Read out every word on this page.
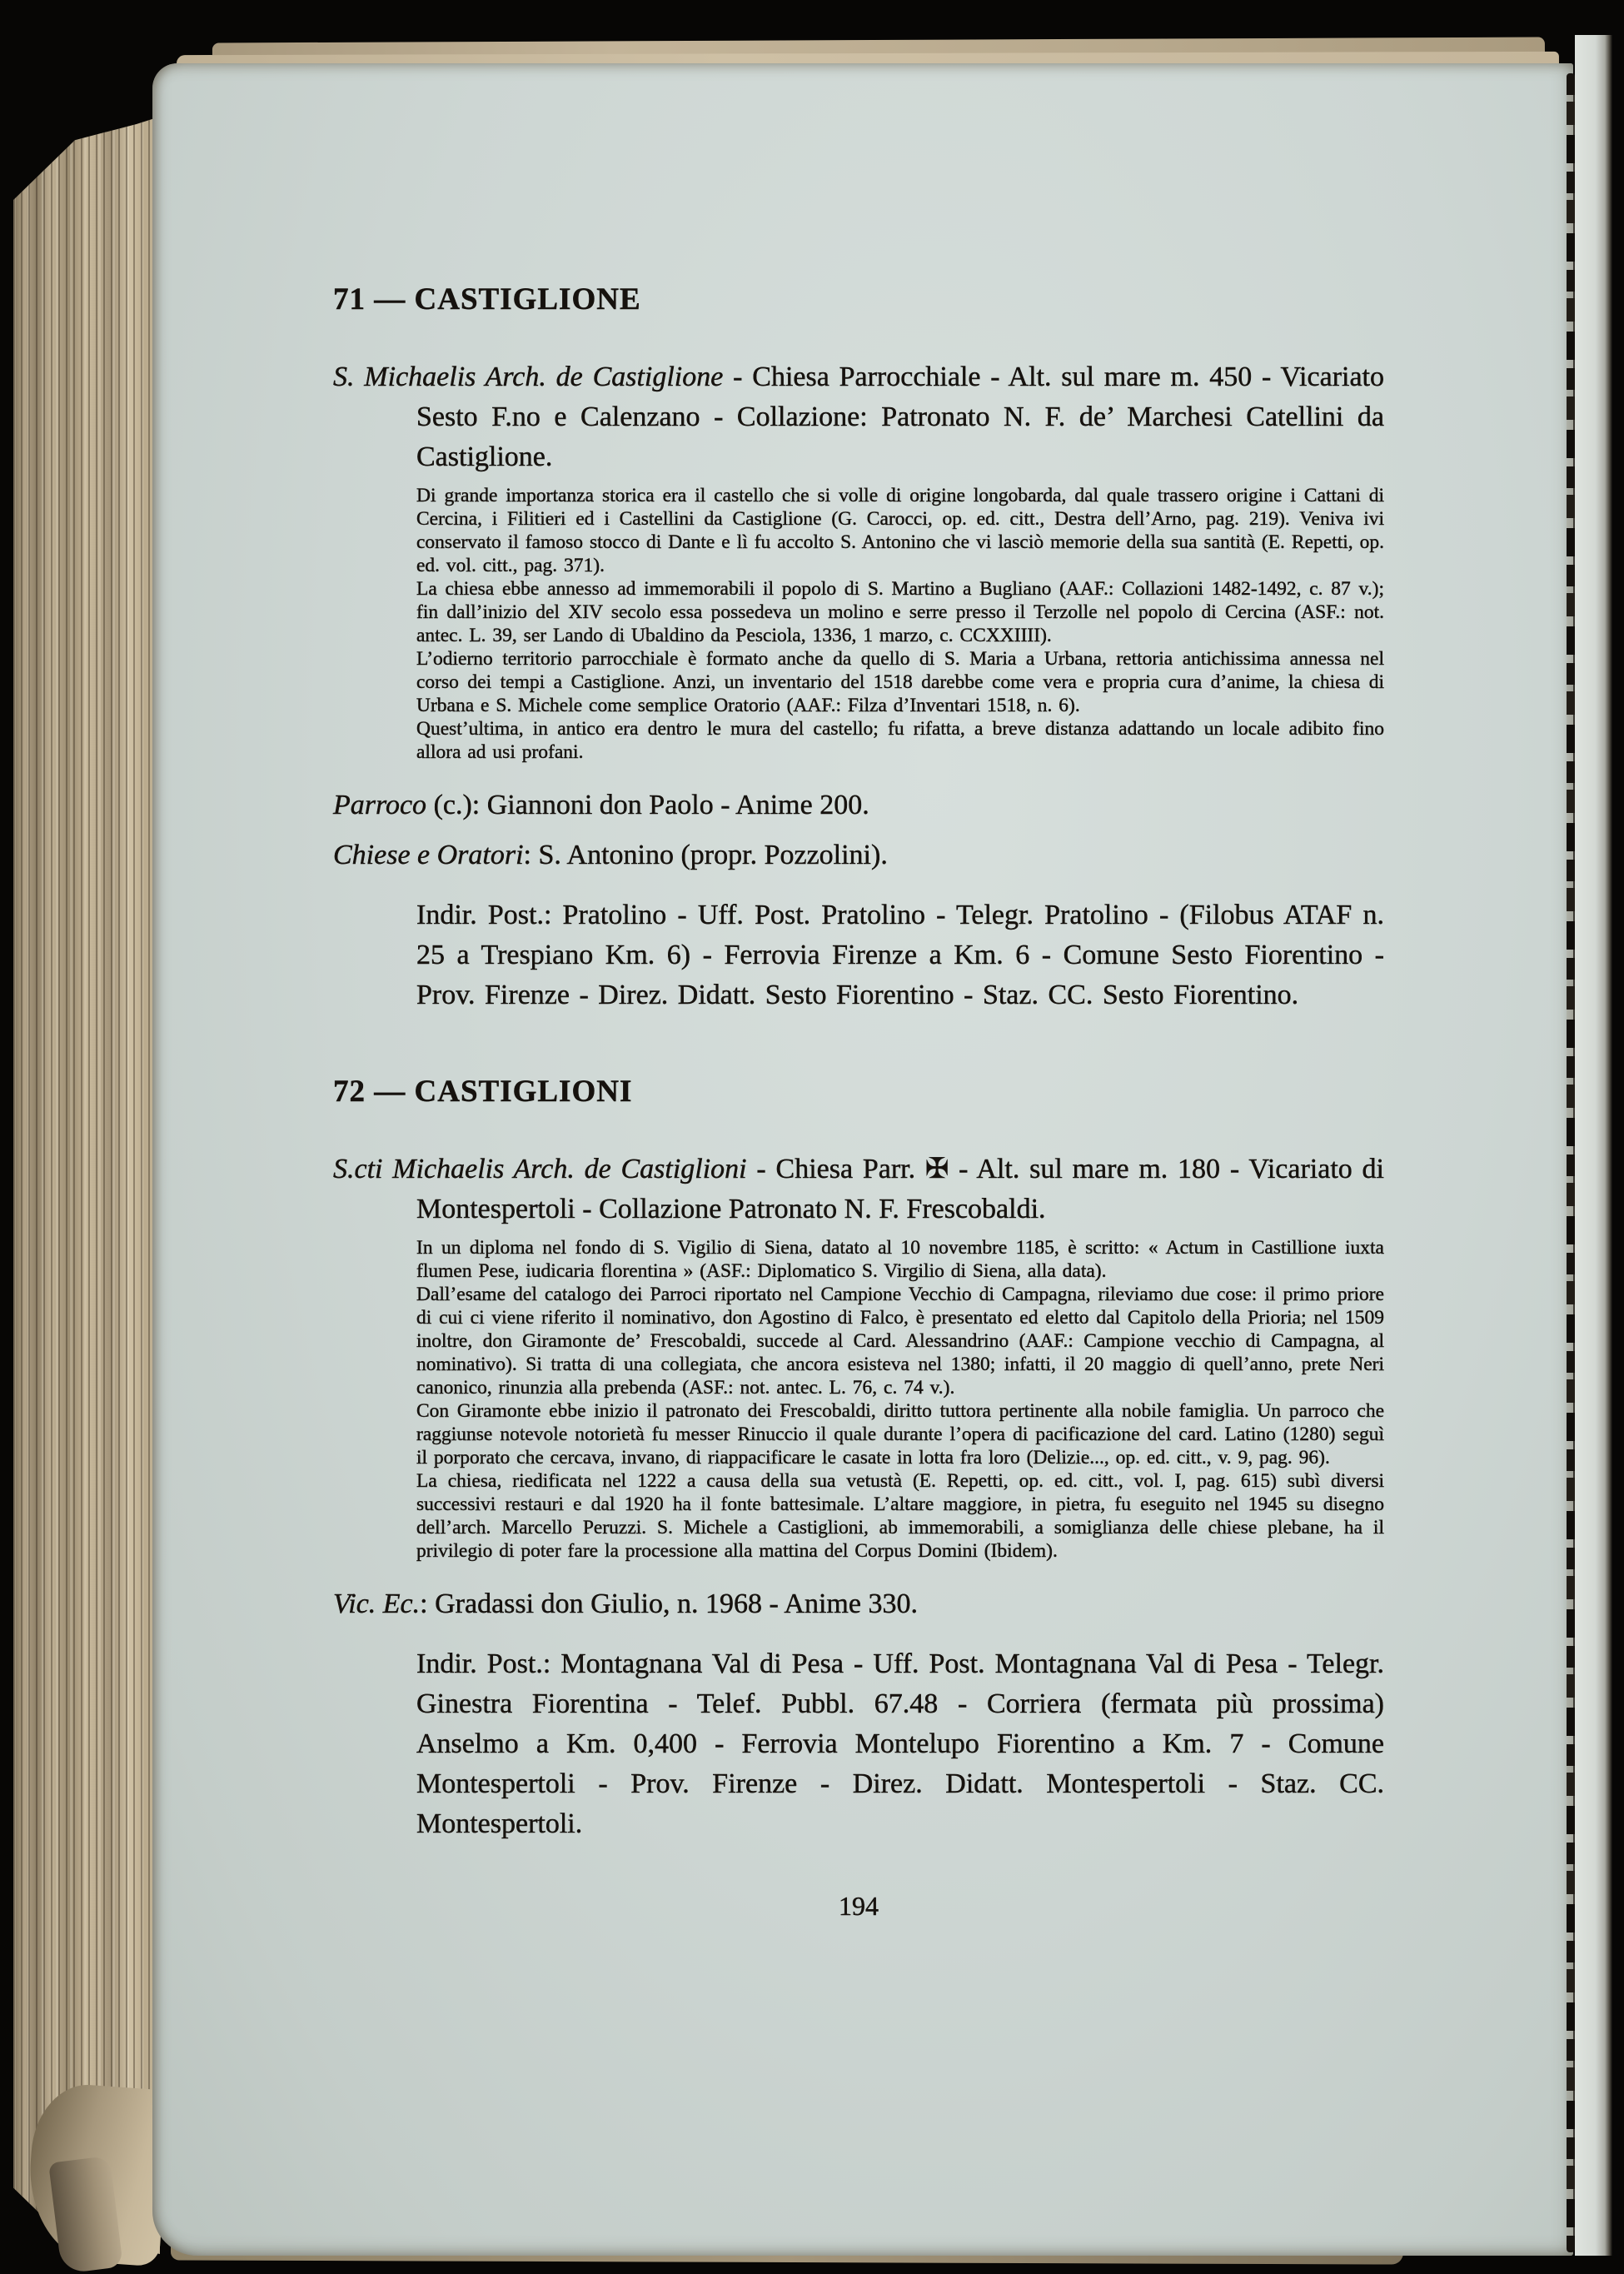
71 — CASTIGLIONE

S. Michaelis Arch. de Castiglione - Chiesa Parrocchiale - Alt. sul mare m. 450 - Vicariato Sesto F.no e Calenzano - Collazione: Patronato N. F. de’ Marchesi Catellini da Castiglione.

Di grande importanza storica era il castello che si volle di origine longobarda, dal quale trassero origine i Cattani di Cercina, i Filitieri ed i Castellini da Castiglione (G. Carocci, op. ed. citt., Destra dell’Arno, pag. 219). Veniva ivi conservato il famoso stocco di Dante e lì fu accolto S. Antonino che vi lasciò memorie della sua santità (E. Repetti, op. ed. vol. citt., pag. 371).

La chiesa ebbe annesso ad immemorabili il popolo di S. Martino a Bugliano (AAF.: Collazioni 1482-1492, c. 87 v.); fin dall’inizio del XIV secolo essa possedeva un molino e serre presso il Terzolle nel popolo di Cercina (ASF.: not. antec. L. 39, ser Lando di Ubaldino da Pesciola, 1336, 1 marzo, c. CCXXIIII).

L’odierno territorio parrocchiale è formato anche da quello di S. Maria a Urbana, rettoria antichissima annessa nel corso dei tempi a Castiglione. Anzi, un inventario del 1518 darebbe come vera e propria cura d’anime, la chiesa di Urbana e S. Michele come semplice Oratorio (AAF.: Filza d’Inventari 1518, n. 6).

Quest’ultima, in antico era dentro le mura del castello; fu rifatta, a breve distanza adattando un locale adibito fino allora ad usi profani.

Parroco (c.): Giannoni don Paolo - Anime 200.

Chiese e Oratori: S. Antonino (propr. Pozzolini).

Indir. Post.: Pratolino - Uff. Post. Pratolino - Telegr. Pratolino - (Filobus ATAF n. 25 a Trespiano Km. 6) - Ferrovia Firenze a Km. 6 - Comune Sesto Fiorentino - Prov. Firenze - Direz. Didatt. Sesto Fiorentino - Staz. CC. Sesto Fiorentino.

72 — CASTIGLIONI

S.cti Michaelis Arch. de Castiglioni - Chiesa Parr. ✠ - Alt. sul mare m. 180 - Vicariato di Montespertoli - Collazione Patronato N. F. Frescobaldi.

In un diploma nel fondo di S. Vigilio di Siena, datato al 10 novembre 1185, è scritto: « Actum in Castillione iuxta flumen Pese, iudicaria florentina » (ASF.: Diplomatico S. Virgilio di Siena, alla data).

Dall’esame del catalogo dei Parroci riportato nel Campione Vecchio di Campagna, rileviamo due cose: il primo priore di cui ci viene riferito il nominativo, don Agostino di Falco, è presentato ed eletto dal Capitolo della Prioria; nel 1509 inoltre, don Giramonte de’ Frescobaldi, succede al Card. Alessandrino (AAF.: Campione vecchio di Campagna, al nominativo). Si tratta di una collegiata, che ancora esisteva nel 1380; infatti, il 20 maggio di quell’anno, prete Neri canonico, rinunzia alla prebenda (ASF.: not. antec. L. 76, c. 74 v.).

Con Giramonte ebbe inizio il patronato dei Frescobaldi, diritto tuttora pertinente alla nobile famiglia. Un parroco che raggiunse notevole notorietà fu messer Rinuccio il quale durante l’opera di pacificazione del card. Latino (1280) seguì il porporato che cercava, invano, di riappacificare le casate in lotta fra loro (Delizie..., op. ed. citt., v. 9, pag. 96).

La chiesa, riedificata nel 1222 a causa della sua vetustà (E. Repetti, op. ed. citt., vol. I, pag. 615) subì diversi successivi restauri e dal 1920 ha il fonte battesimale. L’altare maggiore, in pietra, fu eseguito nel 1945 su disegno dell’arch. Marcello Peruzzi. S. Michele a Castiglioni, ab immemorabili, a somiglianza delle chiese plebane, ha il privilegio di poter fare la processione alla mattina del Corpus Domini (Ibidem).

Vic. Ec.: Gradassi don Giulio, n. 1968 - Anime 330.

Indir. Post.: Montagnana Val di Pesa - Uff. Post. Montagnana Val di Pesa - Telegr. Ginestra Fiorentina - Telef. Pubbl. 67.48 - Corriera (fermata più prossima) Anselmo a Km. 0,400 - Ferrovia Montelupo Fiorentino a Km. 7 - Comune Montespertoli - Prov. Firenze - Direz. Didatt. Montespertoli - Staz. CC. Montespertoli.

194
